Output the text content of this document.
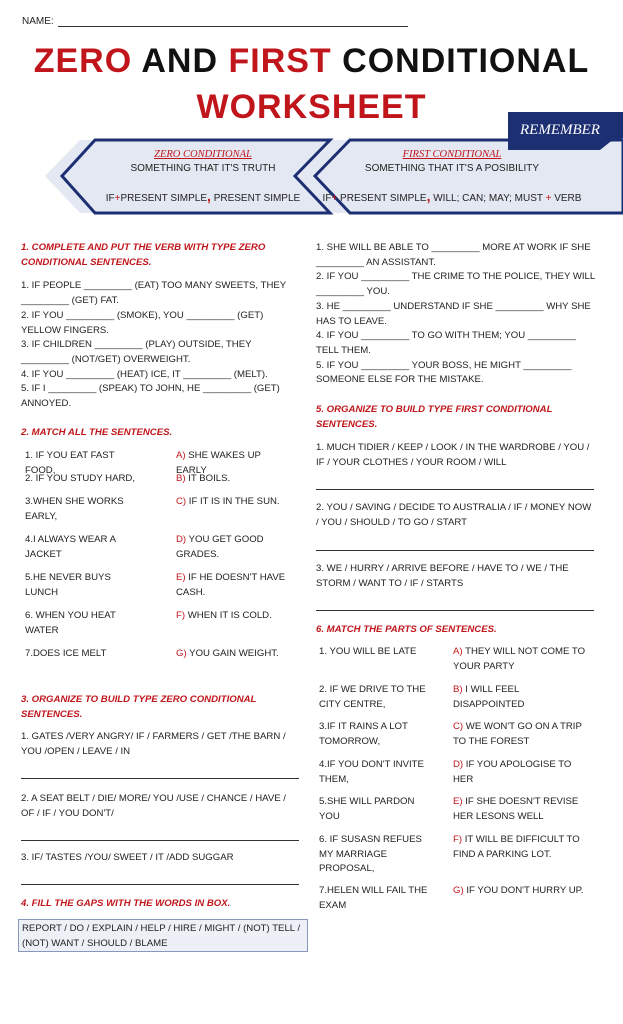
NAME:
ZERO AND FIRST CONDITIONAL
WORKSHEET
REMEMBER
ZERO CONDITIONAL
SOMETHING THAT IT'S TRUTH
IF+PRESENT SIMPLE, PRESENT SIMPLE
FIRST CONDITIONAL
SOMETHING THAT IT'S A POSIBILITY
IF+ PRESENT SIMPLE, WILL; CAN; MAY; MUST + VERB
1. COMPLETE AND PUT THE VERB WITH TYPE ZERO CONDITIONAL SENTENCES.

1. IF PEOPLE _________ (EAT) TOO MANY SWEETS, THEY _________ (GET) FAT.

2. IF YOU _________ (SMOKE), YOU _________ (GET) YELLOW FINGERS.

3. IF CHILDREN _________ (PLAY) OUTSIDE, THEY _________ (NOT/GET) OVERWEIGHT.

4. IF YOU _________ (HEAT) ICE, IT _________ (MELT).

5. IF I _________ (SPEAK) TO JOHN, HE _________ (GET) ANNOYED.

2. MATCH ALL THE SENTENCES.
1. IF YOU EAT FAST FOOD,
2. IF YOU STUDY HARD,
3.WHEN SHE WORKS EARLY,
4.I ALWAYS WEAR A JACKET
5.HE NEVER BUYS LUNCH
6. WHEN YOU HEAT WATER
7.DOES ICE MELT
A) SHE WAKES UP EARLY
B) IT BOILS.
C) IF IT IS IN THE SUN.
D) YOU GET GOOD GRADES.
E) IF HE DOESN'T HAVE CASH.
F) WHEN IT IS COLD.
G) YOU GAIN WEIGHT.
3. ORGANIZE TO BUILD TYPE ZERO CONDITIONAL SENTENCES.
1. GATES /VERY ANGRY/ IF / FARMERS / GET /THE BARN / YOU /OPEN / LEAVE / IN
2. A SEAT BELT / DIE/ MORE/ YOU /USE / CHANCE / HAVE / OF / IF / YOU DON'T/
3. IF/ TASTES /YOU/ SWEET / IT /ADD SUGGAR
4. FILL THE GAPS WITH THE WORDS IN BOX.
REPORT / DO / EXPLAIN / HELP / HIRE / MIGHT / (NOT) TELL / (NOT) WANT / SHOULD / BLAME

1. SHE WILL BE ABLE TO _________ MORE AT WORK IF SHE _________ AN ASSISTANT.

2. IF YOU _________ THE CRIME TO THE POLICE, THEY WILL _________ YOU.

3. HE _________ UNDERSTAND IF SHE _________ WHY SHE HAS TO LEAVE.

4. IF YOU _________ TO GO WITH THEM; YOU _________ TELL THEM.

5. IF YOU _________ YOUR BOSS, HE MIGHT _________ SOMEONE ELSE FOR THE MISTAKE.

5. ORGANIZE TO BUILD TYPE FIRST CONDITIONAL SENTENCES.
1. MUCH TIDIER / KEEP / LOOK / IN THE WARDROBE / YOU / IF / YOUR CLOTHES / YOUR ROOM / WILL
2. YOU / SAVING / DECIDE TO AUSTRALIA / IF / MONEY NOW / YOU / SHOULD / TO GO / START
3. WE / HURRY / ARRIVE BEFORE / HAVE TO / WE / THE STORM / WANT TO / IF / STARTS
6. MATCH THE PARTS OF SENTENCES.
1. YOU WILL BE LATE
2. IF WE DRIVE TO THE CITY CENTRE,
3.IF IT RAINS A LOT TOMORROW,
4.IF YOU DON'T INVITE THEM,
5.SHE WILL PARDON YOU
6. IF SUSASN REFUES MY MARRIAGE PROPOSAL,
7.HELEN WILL FAIL THE EXAM
A) THEY WILL NOT COME TO YOUR PARTY
B) I WILL FEEL DISAPPOINTED
C) WE WON'T GO ON A TRIP TO THE FOREST
D) IF YOU APOLOGISE TO HER
E) IF SHE DOESN'T REVISE HER LESONS WELL
F) IT WILL BE DIFFICULT TO FIND A PARKING LOT.
G) IF YOU DON'T HURRY UP.
